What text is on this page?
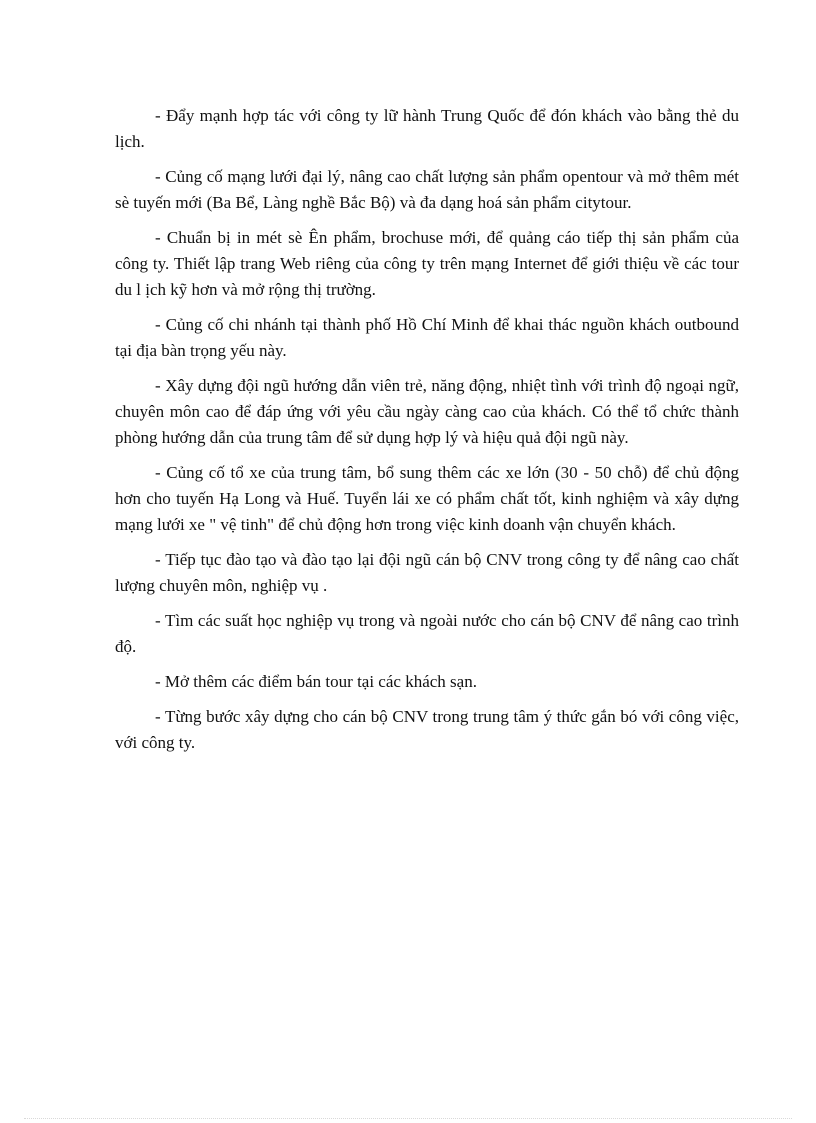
- Đẩy mạnh hợp tác với công ty lữ hành Trung Quốc để đón khách vào bằng thẻ du lịch.

- Củng cố mạng lưới đại lý, nâng cao chất lượng sản phẩm opentour và mở thêm mét sè tuyến mới (Ba Bể, Làng nghề Bắc Bộ) và đa dạng hoá sản phẩm citytour.

- Chuẩn bị in mét sè Ên phẩm, brochuse mới, để quảng cáo tiếp thị sản phẩm của công ty. Thiết lập trang Web riêng của công ty trên mạng Internet để giới thiệu về các tour du l ịch kỹ hơn và mở rộng thị trường.

- Củng cố chi nhánh tại thành phố Hồ Chí Minh để khai thác nguồn khách outbound tại địa bàn trọng yếu này.

- Xây dựng đội ngũ hướng dẫn viên trẻ, năng động, nhiệt tình với trình độ ngoại ngữ, chuyên môn cao để đáp ứng với yêu cầu ngày càng cao của khách. Có thể tổ chức thành phòng hướng dẫn của trung tâm để sử dụng hợp lý và hiệu quả đội ngũ này.

- Củng cố tổ xe của trung tâm, bổ sung thêm các xe lớn (30 - 50 chỗ) để chủ động hơn cho tuyến Hạ Long và Huế. Tuyển lái xe có phẩm chất tốt, kinh nghiệm và xây dựng mạng lưới xe " vệ tinh" để chủ động hơn trong việc kinh doanh vận chuyển khách.

- Tiếp tục đào tạo và đào tạo lại đội ngũ cán bộ CNV trong công ty để nâng cao chất lượng chuyên môn, nghiệp vụ .

- Tìm các suất học nghiệp vụ trong và ngoài nước cho cán bộ CNV để nâng cao trình độ.

- Mở thêm các điểm bán tour tại các khách sạn.

- Từng bước xây dựng cho cán bộ CNV trong trung tâm ý thức gắn bó với công việc, với công ty.
